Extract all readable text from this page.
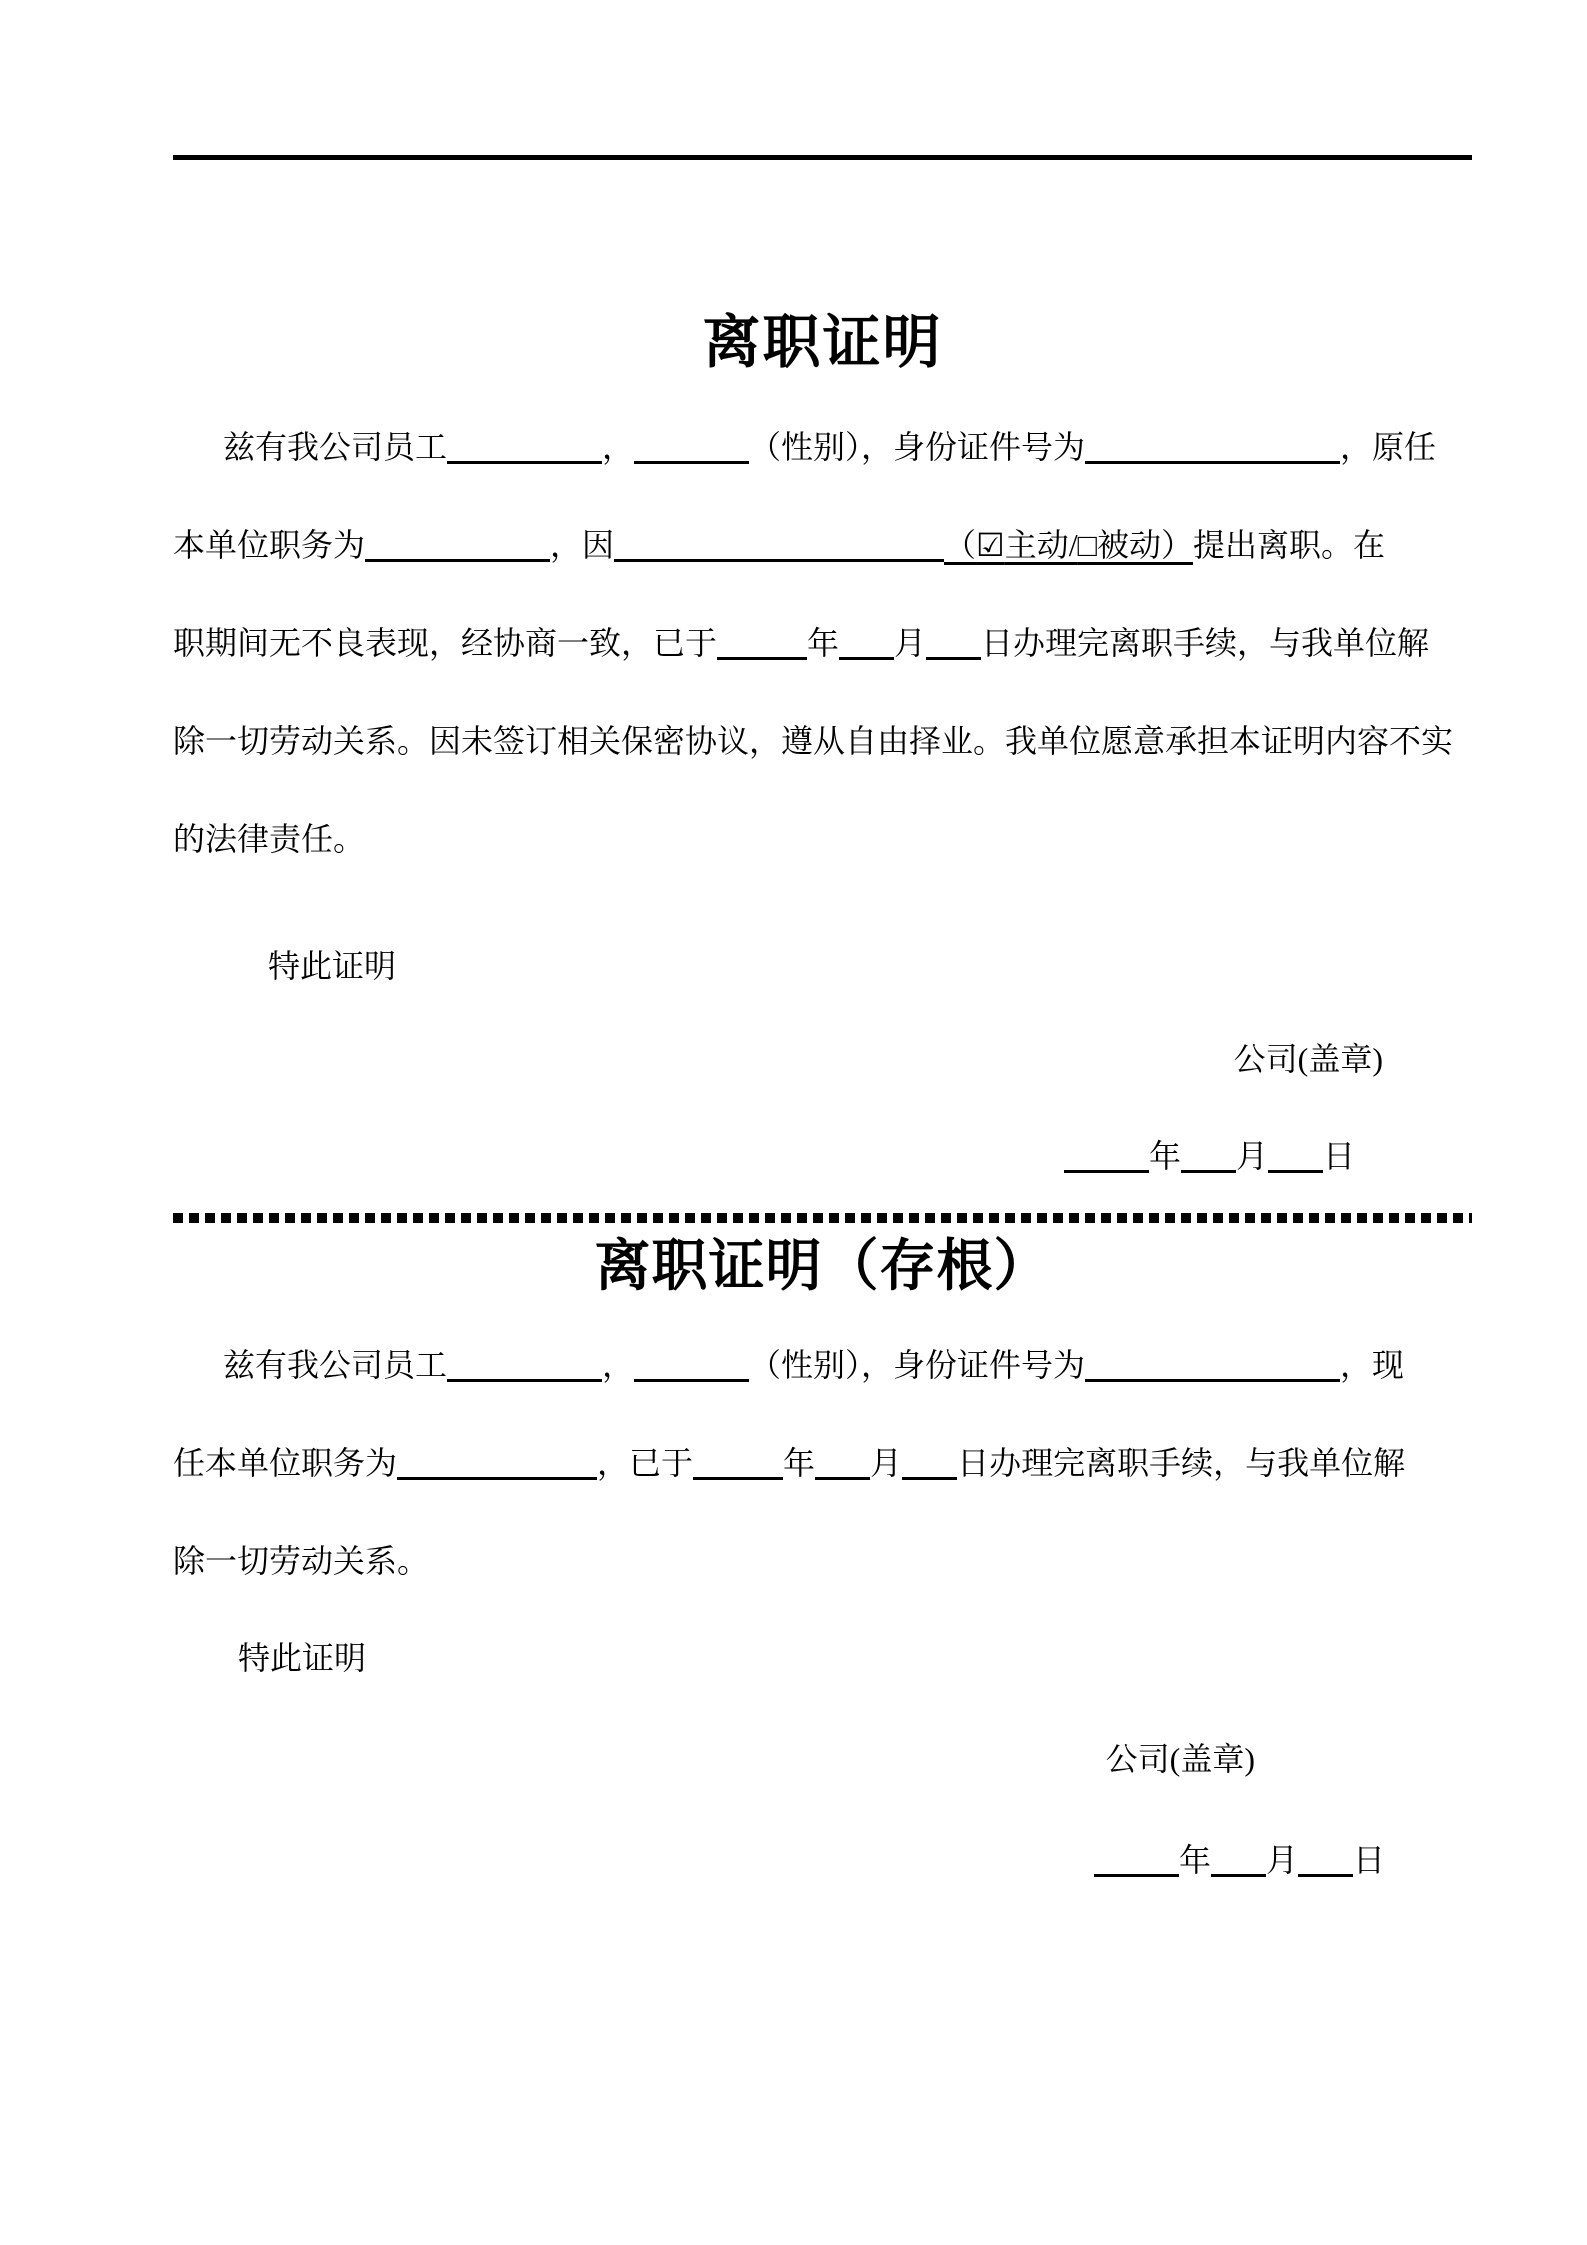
离职证明
兹有我公司员工	，	（性别），身份证件号为	，原任
本单位职务为	，因	（☑主动/□被动）提出离职。在
职期间无不良表现，经协商一致，已于	年 月 日办理完离职手续，与我单位解
除一切劳动关系。因未签订相关保密协议，遵从自由择业。我单位愿意承担本证明内容不实
的法律责任。
特此证明
公司(盖章)
年 月 日
离职证明（存根）
兹有我公司员工	，	（性别），身份证件号为	，现
任本单位职务为	，已于	年 月 日办理完离职手续，与我单位解
除一切劳动关系。
特此证明
公司(盖章)
年 月 日
